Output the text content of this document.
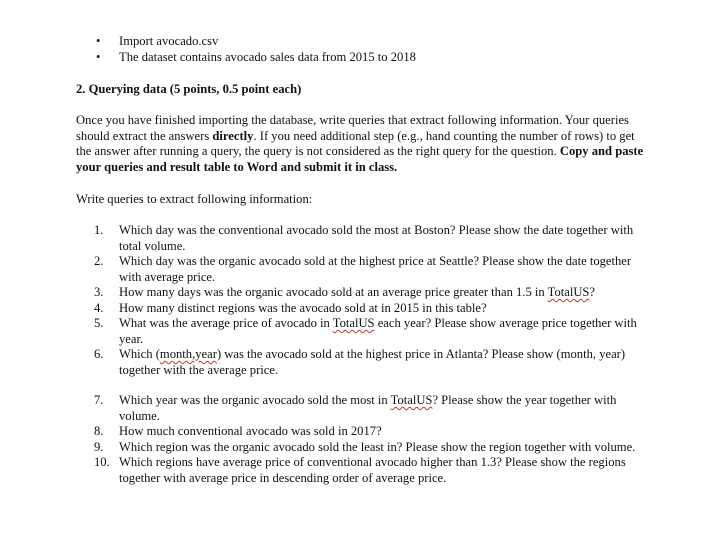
•	Import avocado.csv
•	The dataset contains avocado sales data from 2015 to 2018
2. Querying data (5 points, 0.5 point each)
Once you have finished importing the database, write queries that extract following information. Your queries should extract the answers directly. If you need additional step (e.g., hand counting the number of rows) to get the answer after running a query, the query is not considered as the right query for the question. Copy and paste your queries and result table to Word and submit it in class.
Write queries to extract following information:
1.	Which day was the conventional avocado sold the most at Boston? Please show the date together with total volume.
2.	Which day was the organic avocado sold at the highest price at Seattle? Please show the date together with average price.
3.	How many days was the organic avocado sold at an average price greater than 1.5 in TotalUS?
4.	How many distinct regions was the avocado sold at in 2015 in this table?
5.	What was the average price of avocado in TotalUS each year? Please show average price together with year.
6.	Which (month,year) was the avocado sold at the highest price in Atlanta? Please show (month, year) together with the average price.
7.	Which year was the organic avocado sold the most in TotalUS? Please show the year together with volume.
8.	How much conventional avocado was sold in 2017?
9.	Which region was the organic avocado sold the least in? Please show the region together with volume.
10. Which regions have average price of conventional avocado higher than 1.3? Please show the regions together with average price in descending order of average price.
